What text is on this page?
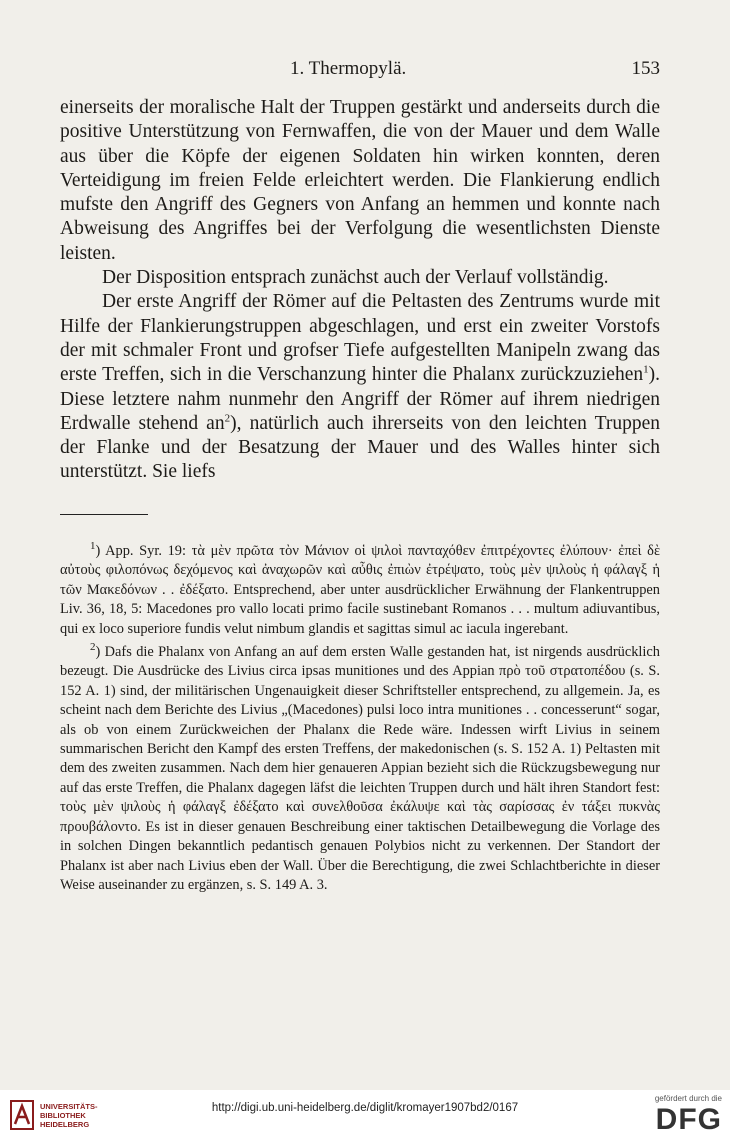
1. Thermopylä.	153

einerseits der moralische Halt der Truppen gestärkt und anderseits durch die positive Unterstützung von Fernwaffen, die von der Mauer und dem Walle aus über die Köpfe der eigenen Soldaten hin wirken konnten, deren Verteidigung im freien Felde erleichtert werden. Die Flankierung endlich mufste den Angriff des Gegners von Anfang an hemmen und konnte nach Abweisung des Angriffes bei der Verfolgung die wesentlichsten Dienste leisten.

Der Disposition entsprach zunächst auch der Verlauf vollständig.

Der erste Angriff der Römer auf die Peltasten des Zentrums wurde mit Hilfe der Flankierungstruppen abgeschlagen, und erst ein zweiter Vorstofs der mit schmaler Front und grofser Tiefe aufgestellten Manipeln zwang das erste Treffen, sich in die Verschanzung hinter die Phalanx zurückzuziehen$^1$). Diese letztere nahm nunmehr den Angriff der Römer auf ihrem niedrigen Erdwalle stehend $an^2$), natürlich auch ihrerseits von den leichten Truppen der Flanke und der Besatzung der Mauer und des Walles hinter sich unterstützt. Sie liefs

$^1$) App. Syr. 19: τὰ μὲν πρῶτα τὸν Μάνιον οἱ ψιλοὶ πανταχόθεν ἐπιτρέχοντες ἐλύπουν· ἐπεὶ δὲ αὐτοὺς φιλοπόνως δεχόμενος καὶ ἀναχωρῶν καὶ αὖθις ἐπιὼν ἐτρέψατο, τοὺς μὲν ψιλοὺς ἡ φάλαγξ ἡ τῶν Μακεδόνων . . ἐδέξατο. Entsprechend, aber unter ausdrücklicher Erwähnung der Flankentruppen Liv. 36, 18, 5: Macedones pro vallo locati primo facile sustinebant Romanos . . . multum adiuvantibus, qui ex loco superiore fundis velut nimbum glandis et sagittas simul ac iacula ingerebant.

$^2$) Dafs die Phalanx von Anfang an auf dem ersten Walle gestanden hat, ist nirgends ausdrücklich bezeugt. Die Ausdrücke des Livius circa ipsas munitiones und des Appian πρὸ τοῦ στρατοπέδου (s. S. 152 A. 1) sind, der militärischen Ungenauigkeit dieser Schriftsteller entsprechend, zu allgemein. Ja, es scheint nach dem Berichte des Livius „(Macedones) pulsi loco intra munitiones . . concesserunt“ sogar, als ob von einem Zurückweichen der Phalanx die Rede wäre. Indessen wirft Livius in seinem summarischen Bericht den Kampf des ersten Treffens, der makedonischen (s. S. 152 A. 1) Peltasten mit dem des zweiten zusammen. Nach dem hier genaueren Appian bezieht sich die Rückzugsbewegung nur auf das erste Treffen, die Phalanx dagegen läfst die leichten Truppen durch und hält ihren Standort fest: τοὺς μὲν ψιλοὺς ἡ φάλαγξ ἐδέξατο καὶ συνελθοῦσα ἐκάλυψε καὶ τὰς σαρίσσας ἐν τάξει πυκνὰς προυβάλοντο. Es ist in dieser genauen Beschreibung einer taktischen Detailbewegung die Vorlage des in solchen Dingen bekanntlich pedantisch genauen Polybios nicht zu verkennen. Der Standort der Phalanx ist aber nach Livius eben der Wall. Über die Berechtigung, die zwei Schlachtberichte in dieser Weise auseinander zu ergänzen, s. S. 149 A. 3.

UNIVERSITÄTS-
BIBLIOTHEK
HEIDELBERG
http://digi.ub.uni-heidelberg.de/diglit/kromayer1907bd2/0167
gefördert durch die
DFG
